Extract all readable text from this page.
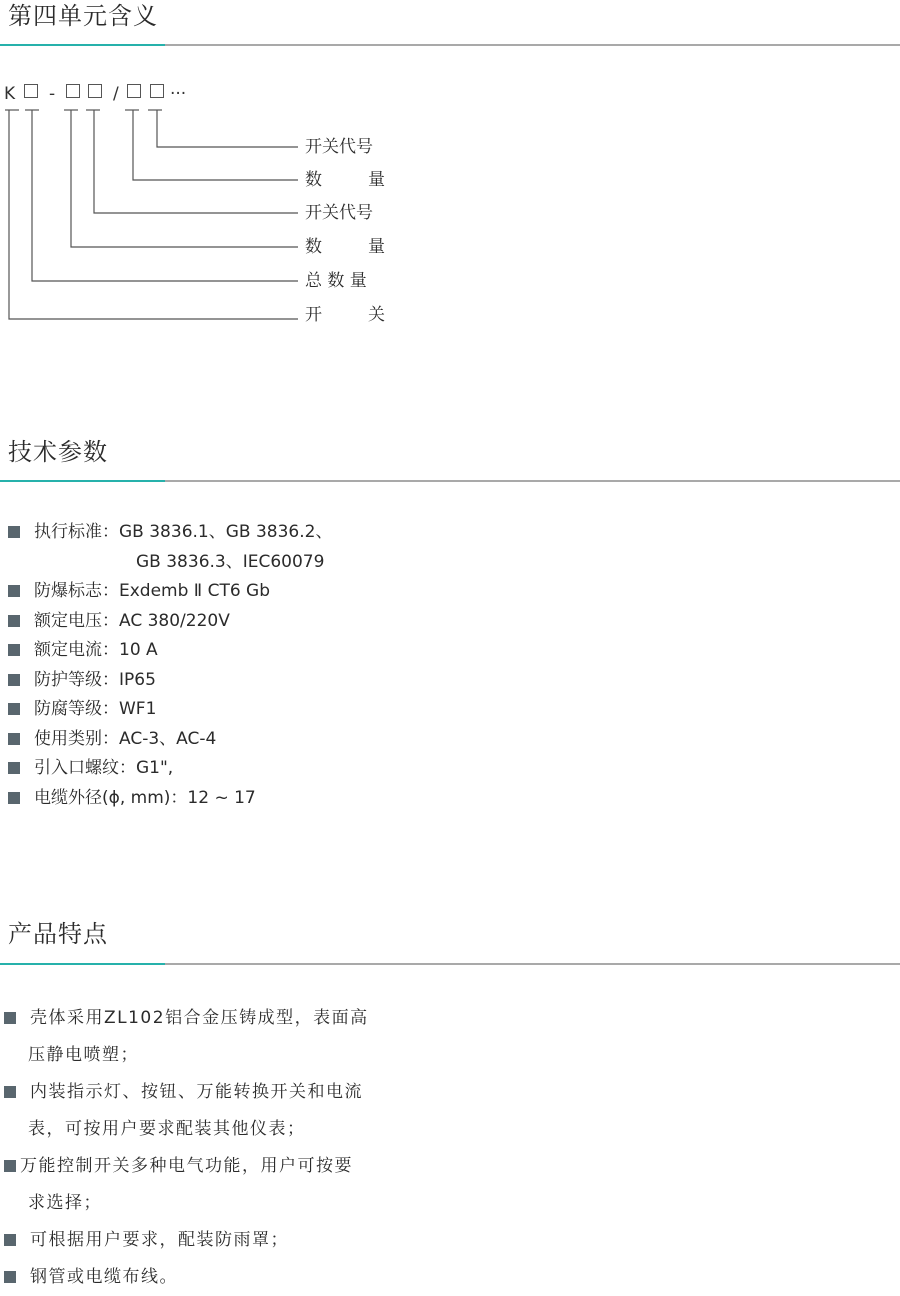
第四单元含义
K -	/	···
开关代号
数	量
开关代号
数	量
总 数 量
开	关
技术参数
执行标准：GB 3836.1、GB 3836.2、
GB 3836.3、IEC60079
防爆标志：Exdemb Ⅱ CT6 Gb
额定电压：AC 380/220V
额定电流：10 A
防护等级：IP65
防腐等级：WF1
使用类别：AC-3、AC-4
引入口螺纹：G1",
电缆外径(ϕ, mm)：12 ~ 17
产品特点
壳体采用ZL102铝合金压铸成型，表面高
压静电喷塑；
内装指示灯、按钮、万能转换开关和电流
表，可按用户要求配装其他仪表；
万能控制开关多种电气功能，用户可按要
求选择；
可根据用户要求，配装防雨罩；
钢管或电缆布线。
